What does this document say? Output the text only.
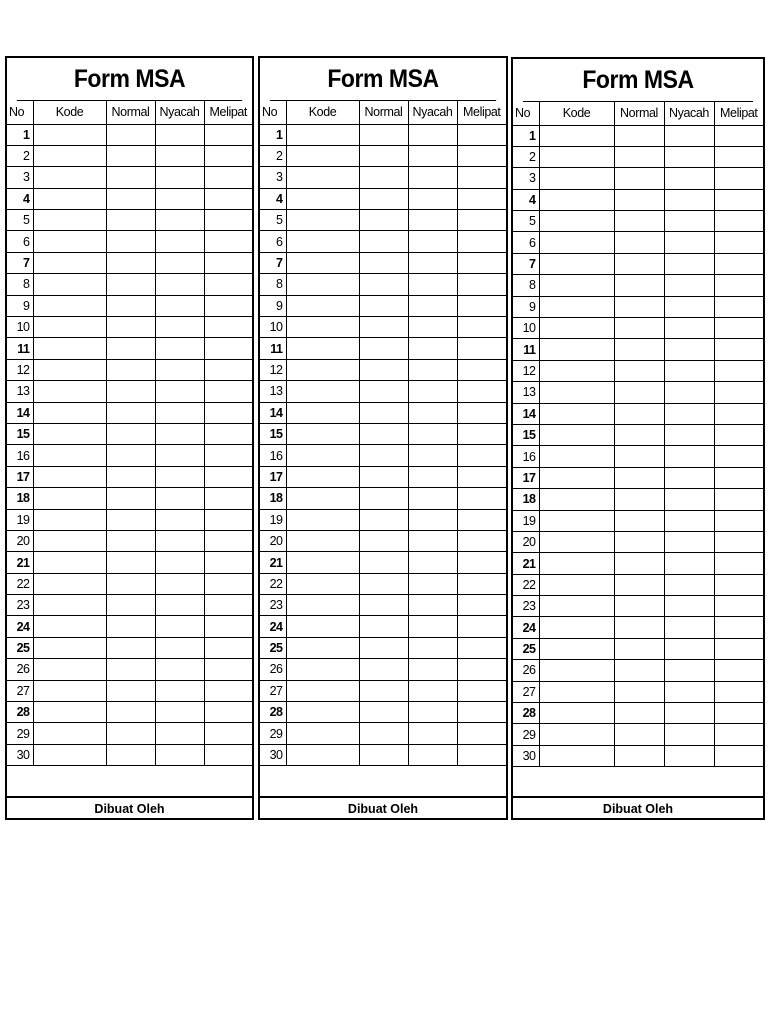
Form MSA
No	Kode	Normal	Nyacah	Melipat
1				
2				
3				
4				
5				
6				
7				
8				
9				
10				
11				
12				
13				
14				
15				
16				
17				
18				
19				
20				
21				
22				
23				
24				
25				
26				
27				
28				
29				
30				
Dibuat Oleh
Form MSA
No	Kode	Normal	Nyacah	Melipat
1				
2				
3				
4				
5				
6				
7				
8				
9				
10				
11				
12				
13				
14				
15				
16				
17				
18				
19				
20				
21				
22				
23				
24				
25				
26				
27				
28				
29				
30				
Dibuat Oleh
Form MSA
No	Kode	Normal	Nyacah	Melipat
1				
2				
3				
4				
5				
6				
7				
8				
9				
10				
11				
12				
13				
14				
15				
16				
17				
18				
19				
20				
21				
22				
23				
24				
25				
26				
27				
28				
29				
30				
Dibuat Oleh
